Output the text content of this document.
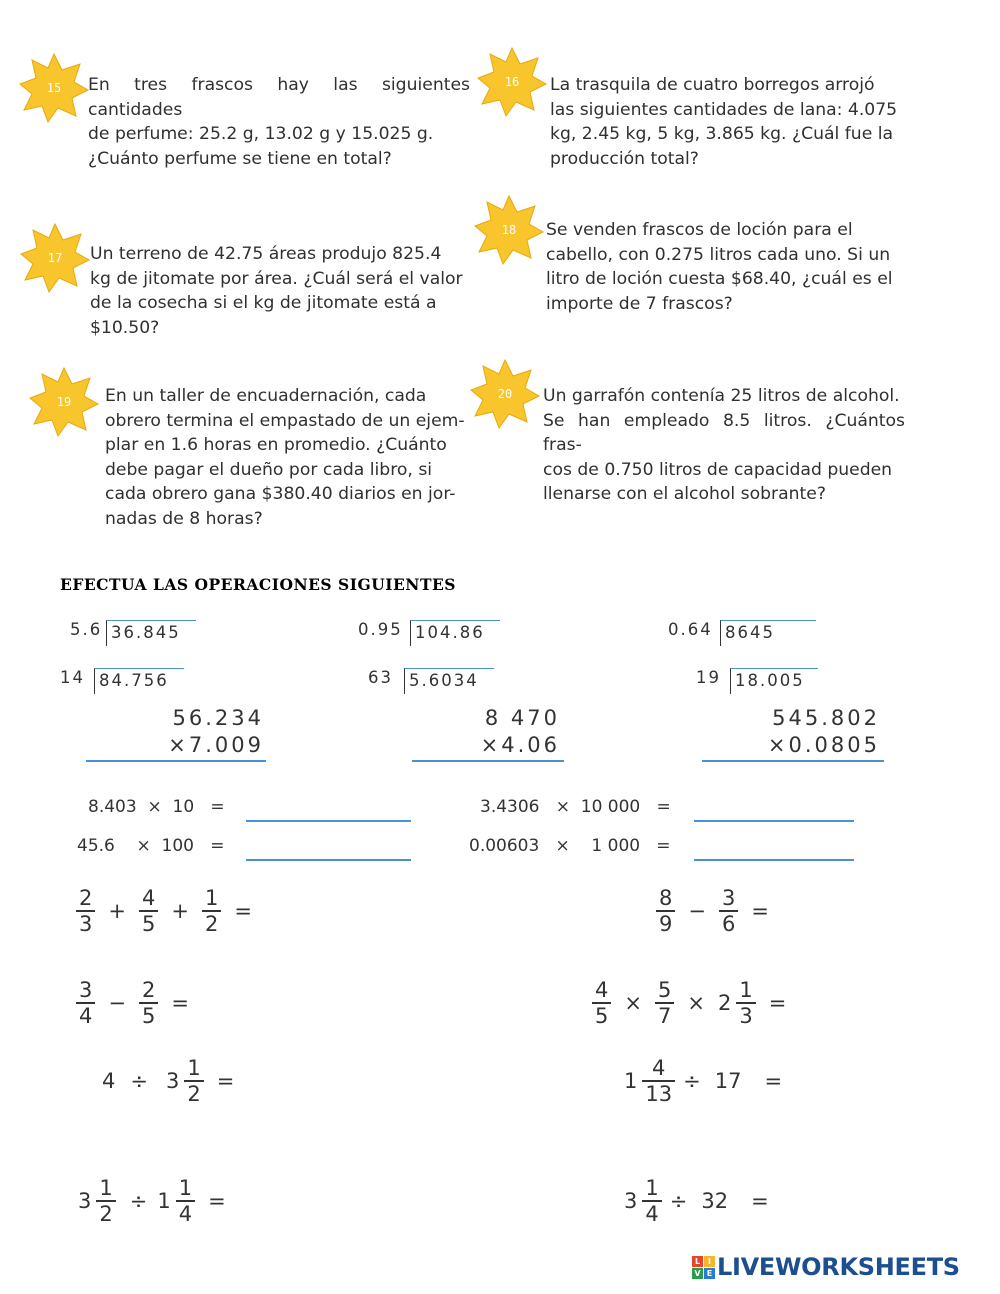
15	En tres frascos hay las siguientes cantidades
de perfume: 25.2 g, 13.02 g y 15.025 g.
¿Cuánto perfume se tiene en total?
16	La trasquila de cuatro borregos arrojó
las siguientes cantidades de lana: 4.075
kg, 2.45 kg, 5 kg, 3.865 kg. ¿Cuál fue la
producción total?
17	Un terreno de 42.75 áreas produjo 825.4
kg de jitomate por área. ¿Cuál será el valor
de la cosecha si el kg de jitomate está a
$10.50?
18	Se venden frascos de loción para el
cabello, con 0.275 litros cada uno. Si un
litro de loción cuesta $68.40, ¿cuál es el
importe de 7 frascos?
19	En un taller de encuadernación, cada
obrero termina el empastado de un ejem-
plar en 1.6 horas en promedio. ¿Cuánto
debe pagar el dueño por cada libro, si
cada obrero gana $380.40 diarios en jor-
nadas de 8 horas?
20	Un garrafón contenía 25 litros de alcohol.
Se han empleado 8.5 litros. ¿Cuántos fras-
cos de 0.750 litros de capacidad pueden
llenarse con el alcohol sobrante?
EFECTUA LAS OPERACIONES SIGUIENTES
5.6 36.845	0.95 104.86	0.64 8645
14 84.756	63 5.6034	19 18.005
56.234
×7.009
8 470
×4.06
545.802
×0.0805
8.403 × 10 =	3.4306 × 10 000 =
45.6 × 100 =	0.00603 × 1 000 =
$\frac{2}{3} + \frac{4}{5} + \frac{1}{2}$ =	$\frac{8}{9} - \frac{3}{6}$ =
$\frac{3}{4} - \frac{2}{5}$ =	$\frac{4}{5} \times \frac{5}{7} \times 2 \frac{1}{3}$ =
$4 \div 3 \frac{1}{2}$ =	$1 \frac{4}{13} \div 17$ =
$3 \frac{1}{2} \div 1 \frac{1}{4}$ =	$3 \frac{1}{4} \div 32$ =
L I
V E LIVEWORKSHEETS
